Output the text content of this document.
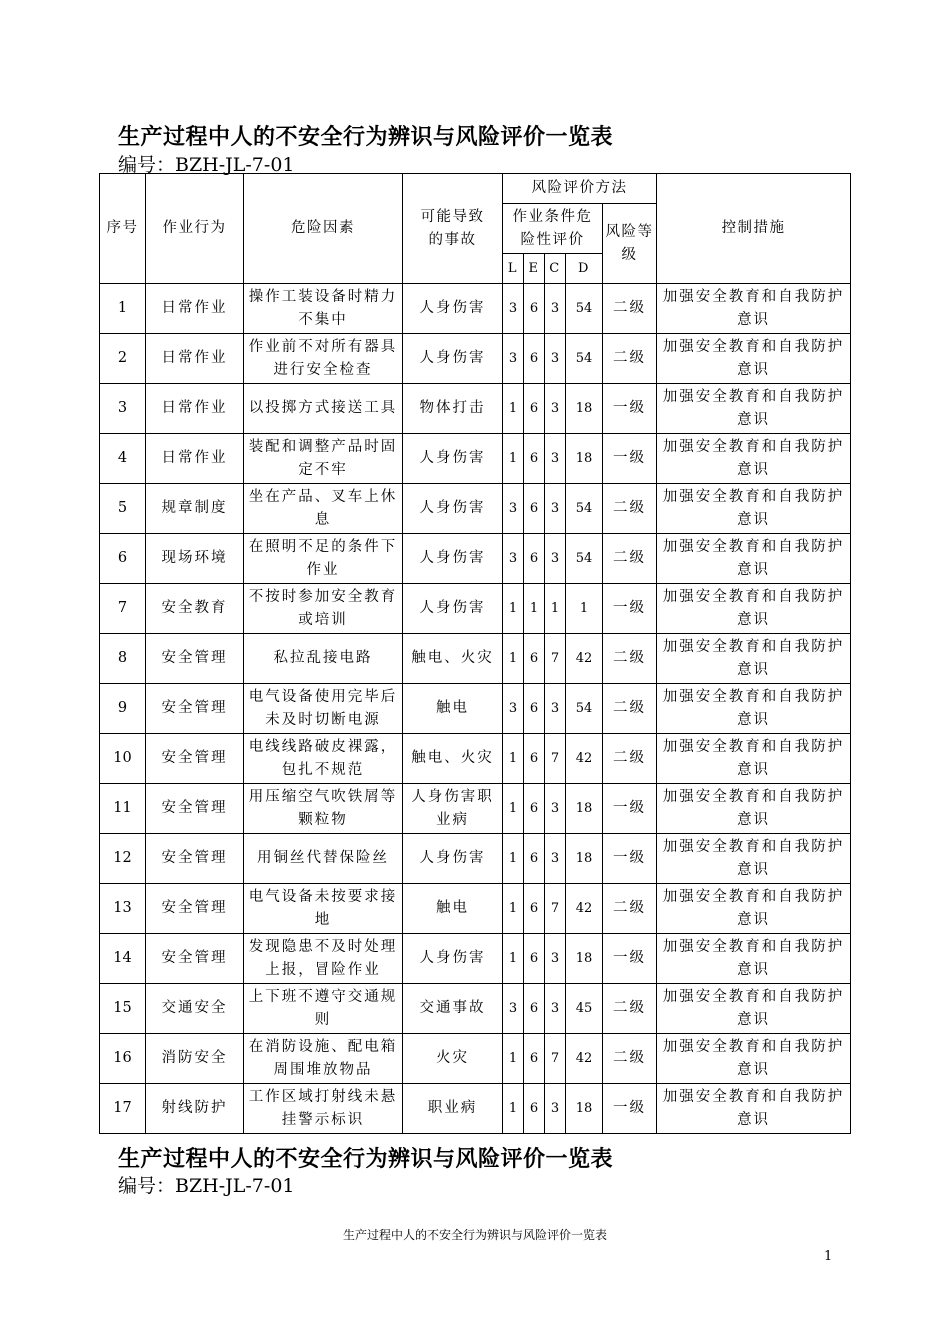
生产过程中人的不安全行为辨识与风险评价一览表
编号：BZH-JL-7-01
序号	作业行为	危险因素	可能导致的事故	风险评价方法					控制措施
				作业条件危险性评价				风险等级	
				L	E	C	D		
1	日常作业	操作工装设备时精力不集中	人身伤害	3	6	3	54	二级	加强安全教育和自我防护意识
2	日常作业	作业前不对所有器具进行安全检查	人身伤害	3	6	3	54	二级	加强安全教育和自我防护意识
3	日常作业	以投掷方式接送工具	物体打击	1	6	3	18	一级	加强安全教育和自我防护意识
4	日常作业	装配和调整产品时固定不牢	人身伤害	1	6	3	18	一级	加强安全教育和自我防护意识
5	规章制度	坐在产品、叉车上休息	人身伤害	3	6	3	54	二级	加强安全教育和自我防护意识
6	现场环境	在照明不足的条件下作业	人身伤害	3	6	3	54	二级	加强安全教育和自我防护意识
7	安全教育	不按时参加安全教育或培训	人身伤害	1	1	1	1	一级	加强安全教育和自我防护意识
8	安全管理	私拉乱接电路	触电、火灾	1	6	7	42	二级	加强安全教育和自我防护意识
9	安全管理	电气设备使用完毕后未及时切断电源	触电	3	6	3	54	二级	加强安全教育和自我防护意识
10	安全管理	电线线路破皮裸露，包扎不规范	触电、火灾	1	6	7	42	二级	加强安全教育和自我防护意识
11	安全管理	用压缩空气吹铁屑等颗粒物	人身伤害职业病	1	6	3	18	一级	加强安全教育和自我防护意识
12	安全管理	用铜丝代替保险丝	人身伤害	1	6	3	18	一级	加强安全教育和自我防护意识
13	安全管理	电气设备未按要求接地	触电	1	6	7	42	二级	加强安全教育和自我防护意识
14	安全管理	发现隐患不及时处理上报，冒险作业	人身伤害	1	6	3	18	一级	加强安全教育和自我防护意识
15	交通安全	上下班不遵守交通规则	交通事故	3	6	3	45	二级	加强安全教育和自我防护意识
16	消防安全	在消防设施、配电箱周围堆放物品	火灾	1	6	7	42	二级	加强安全教育和自我防护意识
17	射线防护	工作区域打射线未悬挂警示标识	职业病	1	6	3	18	一级	加强安全教育和自我防护意识
生产过程中人的不安全行为辨识与风险评价一览表
编号：BZH-JL-7-01
生产过程中人的不安全行为辨识与风险评价一览表
1
